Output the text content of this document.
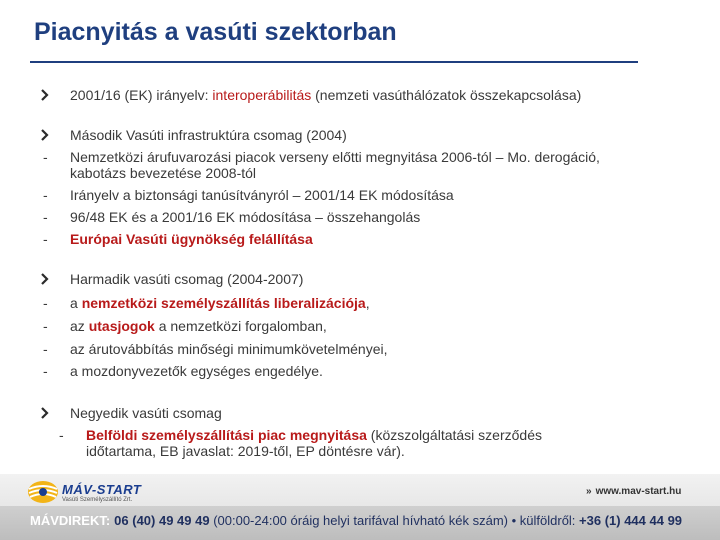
Piacnyitás a vasúti szektorban
2001/16 (EK) irányelv: interoperábilitás (nemzeti vasúthálózatok összekapcsolása)
Második Vasúti infrastruktúra csomag (2004)
- Nemzetközi árufuvarozási piacok verseny előtti megnyitása 2006-tól – Mo. derogáció,
kabotázs bevezetése 2008-tól
- Irányelv a biztonsági tanúsítványról – 2001/14 EK módosítása
- 96/48 EK és a 2001/16 EK módosítása – összehangolás
- Európai Vasúti ügynökség felállítása
Harmadik vasúti csomag (2004-2007)
- a nemzetközi személyszállítás liberalizációja,
- az utasjogok a nemzetközi forgalomban,
- az árutovábbítás minőségi minimumkövetelményei,
- a mozdonyvezetők egységes engedélye.
Negyedik vasúti csomag
- Belföldi személyszállítási piac megnyitása (közszolgáltatási szerződés
időtartama, EB javaslat: 2019-től, EP döntésre vár).
MÁV-START
Vasúti Személyszállító Zrt.
» www.mav-start.hu
MÁVDIREKT: 06 (40) 49 49 49 (00:00-24:00 óráig helyi tarifával hívható kék szám) • külföldről: +36 (1) 444 44 99
